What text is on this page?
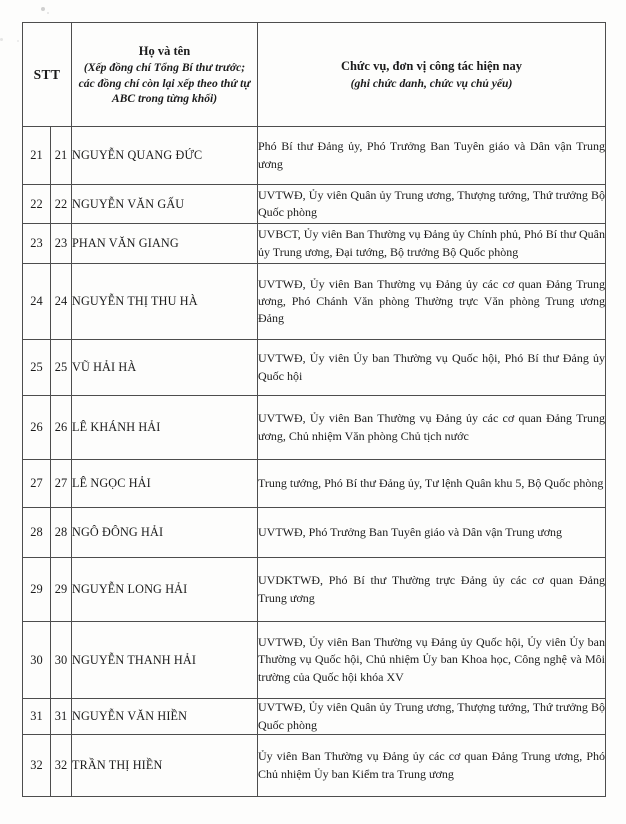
STT		Họ và tên
(Xếp đồng chí Tổng Bí thư trước;
các đồng chí còn lại xếp theo thứ tự
ABC trong từng khối)	Chức vụ, đơn vị công tác hiện nay
(ghi chức danh, chức vụ chủ yếu)

21	21	NGUYỄN QUANG ĐỨC	Phó Bí thư Đảng ủy, Phó Trưởng Ban Tuyên giáo và Dân vận Trung ương
22	22	NGUYỄN VĂN GẤU	UVTWĐ, Ủy viên Quân ủy Trung ương, Thượng tướng, Thứ trưởng Bộ Quốc phòng
23	23	PHAN VĂN GIANG	UVBCT, Ủy viên Ban Thường vụ Đảng ủy Chính phủ, Phó Bí thư Quân ủy Trung ương, Đại tướng, Bộ trưởng Bộ Quốc phòng
24	24	NGUYỄN THỊ THU HÀ	UVTWĐ, Ủy viên Ban Thường vụ Đảng ủy các cơ quan Đảng Trung ương, Phó Chánh Văn phòng Thường trực Văn phòng Trung ương Đảng
25	25	VŨ HẢI HÀ	UVTWĐ, Ủy viên Ủy ban Thường vụ Quốc hội, Phó Bí thư Đảng ủy Quốc hội
26	26	LÊ KHÁNH HẢI	UVTWĐ, Ủy viên Ban Thường vụ Đảng ủy các cơ quan Đảng Trung ương, Chủ nhiệm Văn phòng Chủ tịch nước
27	27	LÊ NGỌC HẢI	Trung tướng, Phó Bí thư Đảng ủy, Tư lệnh Quân khu 5, Bộ Quốc phòng
28	28	NGÔ ĐÔNG HẢI	UVTWĐ, Phó Trưởng Ban Tuyên giáo và Dân vận Trung ương
29	29	NGUYỄN LONG HẢI	UVDKTWĐ, Phó Bí thư Thường trực Đảng ủy các cơ quan Đảng Trung ương
30	30	NGUYỄN THANH HẢI	UVTWĐ, Ủy viên Ban Thường vụ Đảng ủy Quốc hội, Ủy viên Ủy ban Thường vụ Quốc hội, Chủ nhiệm Ủy ban Khoa học, Công nghệ và Môi trường của Quốc hội khóa XV
31	31	NGUYỄN VĂN HIỀN	UVTWĐ, Ủy viên Quân ủy Trung ương, Thượng tướng, Thứ trưởng Bộ Quốc phòng
32	32	TRẦN THỊ HIỀN	Ủy viên Ban Thường vụ Đảng ủy các cơ quan Đảng Trung ương, Phó Chủ nhiệm Ủy ban Kiểm tra Trung ương
